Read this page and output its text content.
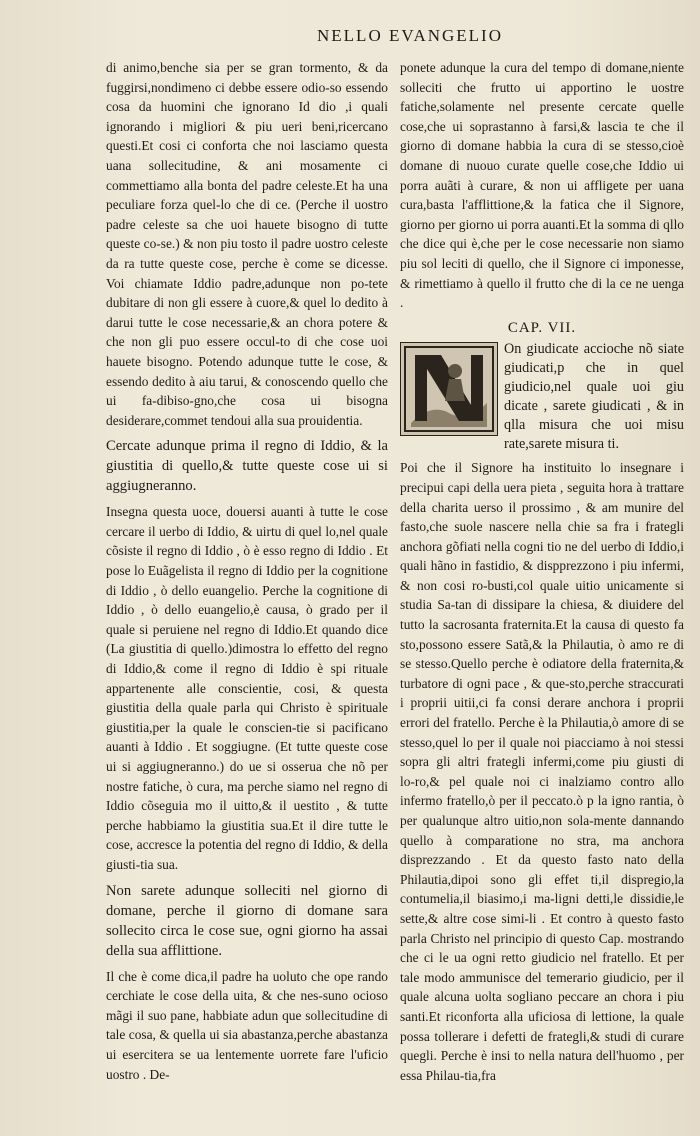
NELLO EVANGELIO

di animo,benche sia per se gran tormento, & da fuggirsi,nondimeno ci debbe essere odio‑so essendo cosa da huomini che ignorano Id dio ,i quali ignorando i migliori & piu ueri beni,ricercano questi.Et cosi ci conforta che noi lasciamo questa uana sollecitudine, & ani mosamente ci commettiamo alla bonta del padre celeste.Et ha una peculiare forza quel‑lo che di ce. (Perche il uostro padre celeste sa che uoi hauete bisogno di tutte queste co‑se.) & non piu tosto il padre uostro celeste da ra tutte queste cose, perche è come se dicesse. Voi chiamate Iddio padre,adunque non po‑tete dubitare di non gli essere à cuore,& quel lo dedito à darui tutte le cose necessarie,& an chora potere & che non gli puo essere occul‑to di che cose uoi hauete bisogno. Potendo adunque tutte le cose, & essendo dedito à aiu tarui, & conoscendo quello che ui fa‑dibiso‑gno,che cosa ui bisogna desiderare,commet tendoui alla sua prouidentia.

Cercate adunque prima il regno di Iddio, & la giustitia di quello,& tutte queste cose ui si aggiugneranno.

Insegna questa uoce, douersi auanti à tutte le cose cercare il uerbo di Iddio, & uirtu di quel lo,nel quale cõsiste il regno di Iddio , ò è esso regno di Iddio . Et pose lo Euãgelista il regno di Iddio per la cognitione di Iddio , ò dello euangelio. Perche la cognitione di Iddio , ò dello euangelio,è causa, ò grado per il quale si peruiene nel regno di Iddio.Et quando dice (La giustitia di quello.)dimostra lo effetto del regno di Iddio,& come il regno di Iddio è spi rituale appartenente alle conscientie, cosi, & questa giustitia della quale parla qui Christo è spirituale giustitia,per la quale le conscien‑tie si pacificano auanti à Iddio . Et soggiugne. (Et tutte queste cose ui si aggiugneranno.) do ue si osserua che nõ per nostre fatiche, ò cura, ma perche siamo nel regno di Iddio cõseguia mo il uitto,& il uestito , & tutte perche habbiamo la giustitia sua.Et il dire tutte le cose, accresce la potentia del regno di Iddio, & della giusti‑tia sua.

Non sarete adunque solleciti nel giorno di domane, perche il giorno di domane sara sollecito circa le cose sue, ogni giorno ha assai della sua afflittione.

Il che è come dica,il padre ha uoluto che ope rando cerchiate le cose della uita, & che nes‑suno ocioso mãgi il suo pane, habbiate adun que sollecitudine di tale cosa, & quella ui sia abastanza,perche abastanza ui esercitera se ua lentemente uorrete fare l'uficio uostro . De‑

ponete adunque la cura del tempo di domane,niente solleciti che frutto ui apportino le uostre fatiche,solamente nel presente cercate quelle cose,che ui soprastanno à farsi,& lascia te che il giorno di domane habbia la cura di se stesso,cioè domane di nuouo curate quelle cose,che Iddio ui porra auãti à curare, & non ui affligete per uana cura,basta l'afflittione,& la fatica che il Signore, giorno per giorno ui porra auanti.Et la somma di qllo che dice qui è,che per le cose necessarie non siamo piu sol leciti di quello, che il Signore ci imponesse, & rimettiamo à quello il frutto che di la ce ne uenga .

CAP. VII.
On giudicate accioche nõ siate giudicati,p che in quel giudicio,nel quale uoi giu dicate , sarete giudicati , & in qlla misura che uoi misu rate,sarete misura ti.

Poi che il Signore ha instituito lo insegnare i precipui capi della uera pieta , seguita hora à trattare della charita uerso il prossimo , & am munire del fasto,che suole nascere nella chie sa fra i frategli anchora gõfiati nella cogni tio ne del uerbo di Iddio,i quali hãno in fastidio, & dispprezzono i piu infermi, & non cosi ro‑busti,col quale uitio unicamente si studia Sa‑tan di dissipare la chiesa, & diuidere del tutto la sacrosanta fraternita.Et la causa di questo fa sto,possono essere Satã,& la Philautia, ò amo re di se stesso.Quello perche è odiatore della fraternita,& turbatore di ogni pace , & que‑sto,perche straccurati i proprii uitii,ci fa consi derare anchora i proprii errori del fratello. Perche è la Philautia,ò amore di se stesso,quel lo per il quale noi piacciamo à noi stessi sopra gli altri frategli infermi,come piu giusti di lo‑ro,& pel quale noi ci inalziamo contro allo infermo fratello,ò per il peccato.ò p la igno rantia, ò per qualunque altro uitio,non sola‑mente dannando quello à comparatione no stra, ma anchora disprezzando . Et da questo fasto nato della Philautia,dipoi sono gli effet ti,il dispregio,la contumelia,il biasimo,i ma‑ligni detti,le dissidie,le sette,& altre cose simi‑li . Et contro à questo fasto parla Christo nel principio di questo Cap. mostrando che ci le ua ogni retto giudicio nel fratello. Et per tale modo ammunisce del temerario giudicio, per il quale alcuna uolta sogliano peccare an chora i piu santi.Et riconforta alla uficiosa di lettione, la quale possa tollerare i defetti de frategli,& studi di curare quegli. Perche è insi to nella natura dell'huomo , per essa Philau‑tia,fra
